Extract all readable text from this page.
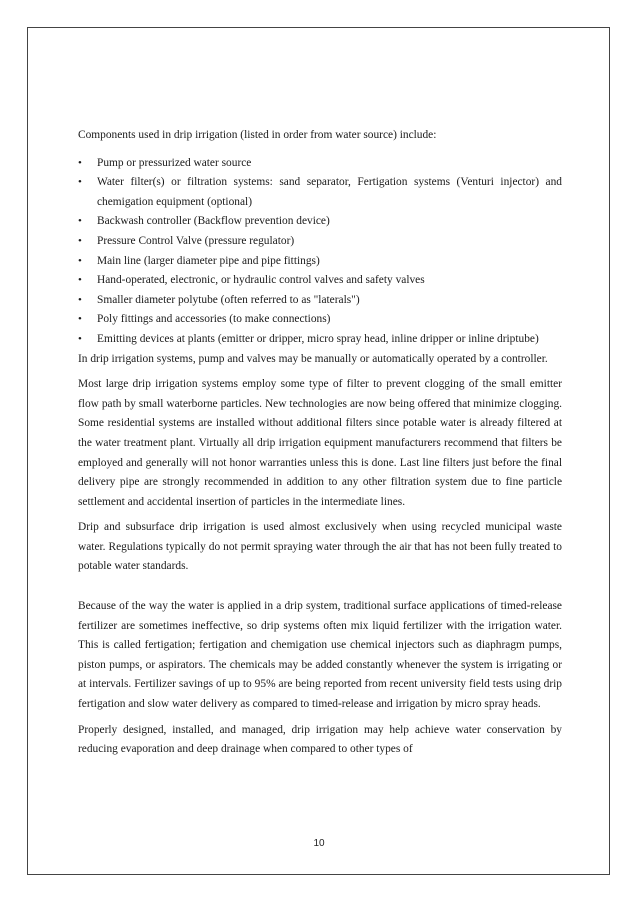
Components used in drip irrigation (listed in order from water source) include:

• Pump or pressurized water source
• Water filter(s) or filtration systems: sand separator, Fertigation systems (Venturi injector) and chemigation equipment (optional)
• Backwash controller (Backflow prevention device)
• Pressure Control Valve (pressure regulator)
• Main line (larger diameter pipe and pipe fittings)
• Hand-operated, electronic, or hydraulic control valves and safety valves
• Smaller diameter polytube (often referred to as "laterals")
• Poly fittings and accessories (to make connections)
• Emitting devices at plants (emitter or dripper, micro spray head, inline dripper or inline driptube)

In drip irrigation systems, pump and valves may be manually or automatically operated by a controller.

Most large drip irrigation systems employ some type of filter to prevent clogging of the small emitter flow path by small waterborne particles. New technologies are now being offered that minimize clogging. Some residential systems are installed without additional filters since potable water is already filtered at the water treatment plant. Virtually all drip irrigation equipment manufacturers recommend that filters be employed and generally will not honor warranties unless this is done. Last line filters just before the final delivery pipe are strongly recommended in addition to any other filtration system due to fine particle settlement and accidental insertion of particles in the intermediate lines.

Drip and subsurface drip irrigation is used almost exclusively when using recycled municipal waste water. Regulations typically do not permit spraying water through the air that has not been fully treated to potable water standards.

Because of the way the water is applied in a drip system, traditional surface applications of timed-release fertilizer are sometimes ineffective, so drip systems often mix liquid fertilizer with the irrigation water. This is called fertigation; fertigation and chemigation use chemical injectors such as diaphragm pumps, piston pumps, or aspirators. The chemicals may be added constantly whenever the system is irrigating or at intervals. Fertilizer savings of up to 95% are being reported from recent university field tests using drip fertigation and slow water delivery as compared to timed-release and irrigation by micro spray heads.

Properly designed, installed, and managed, drip irrigation may help achieve water conservation by reducing evaporation and deep drainage when compared to other types of

10
